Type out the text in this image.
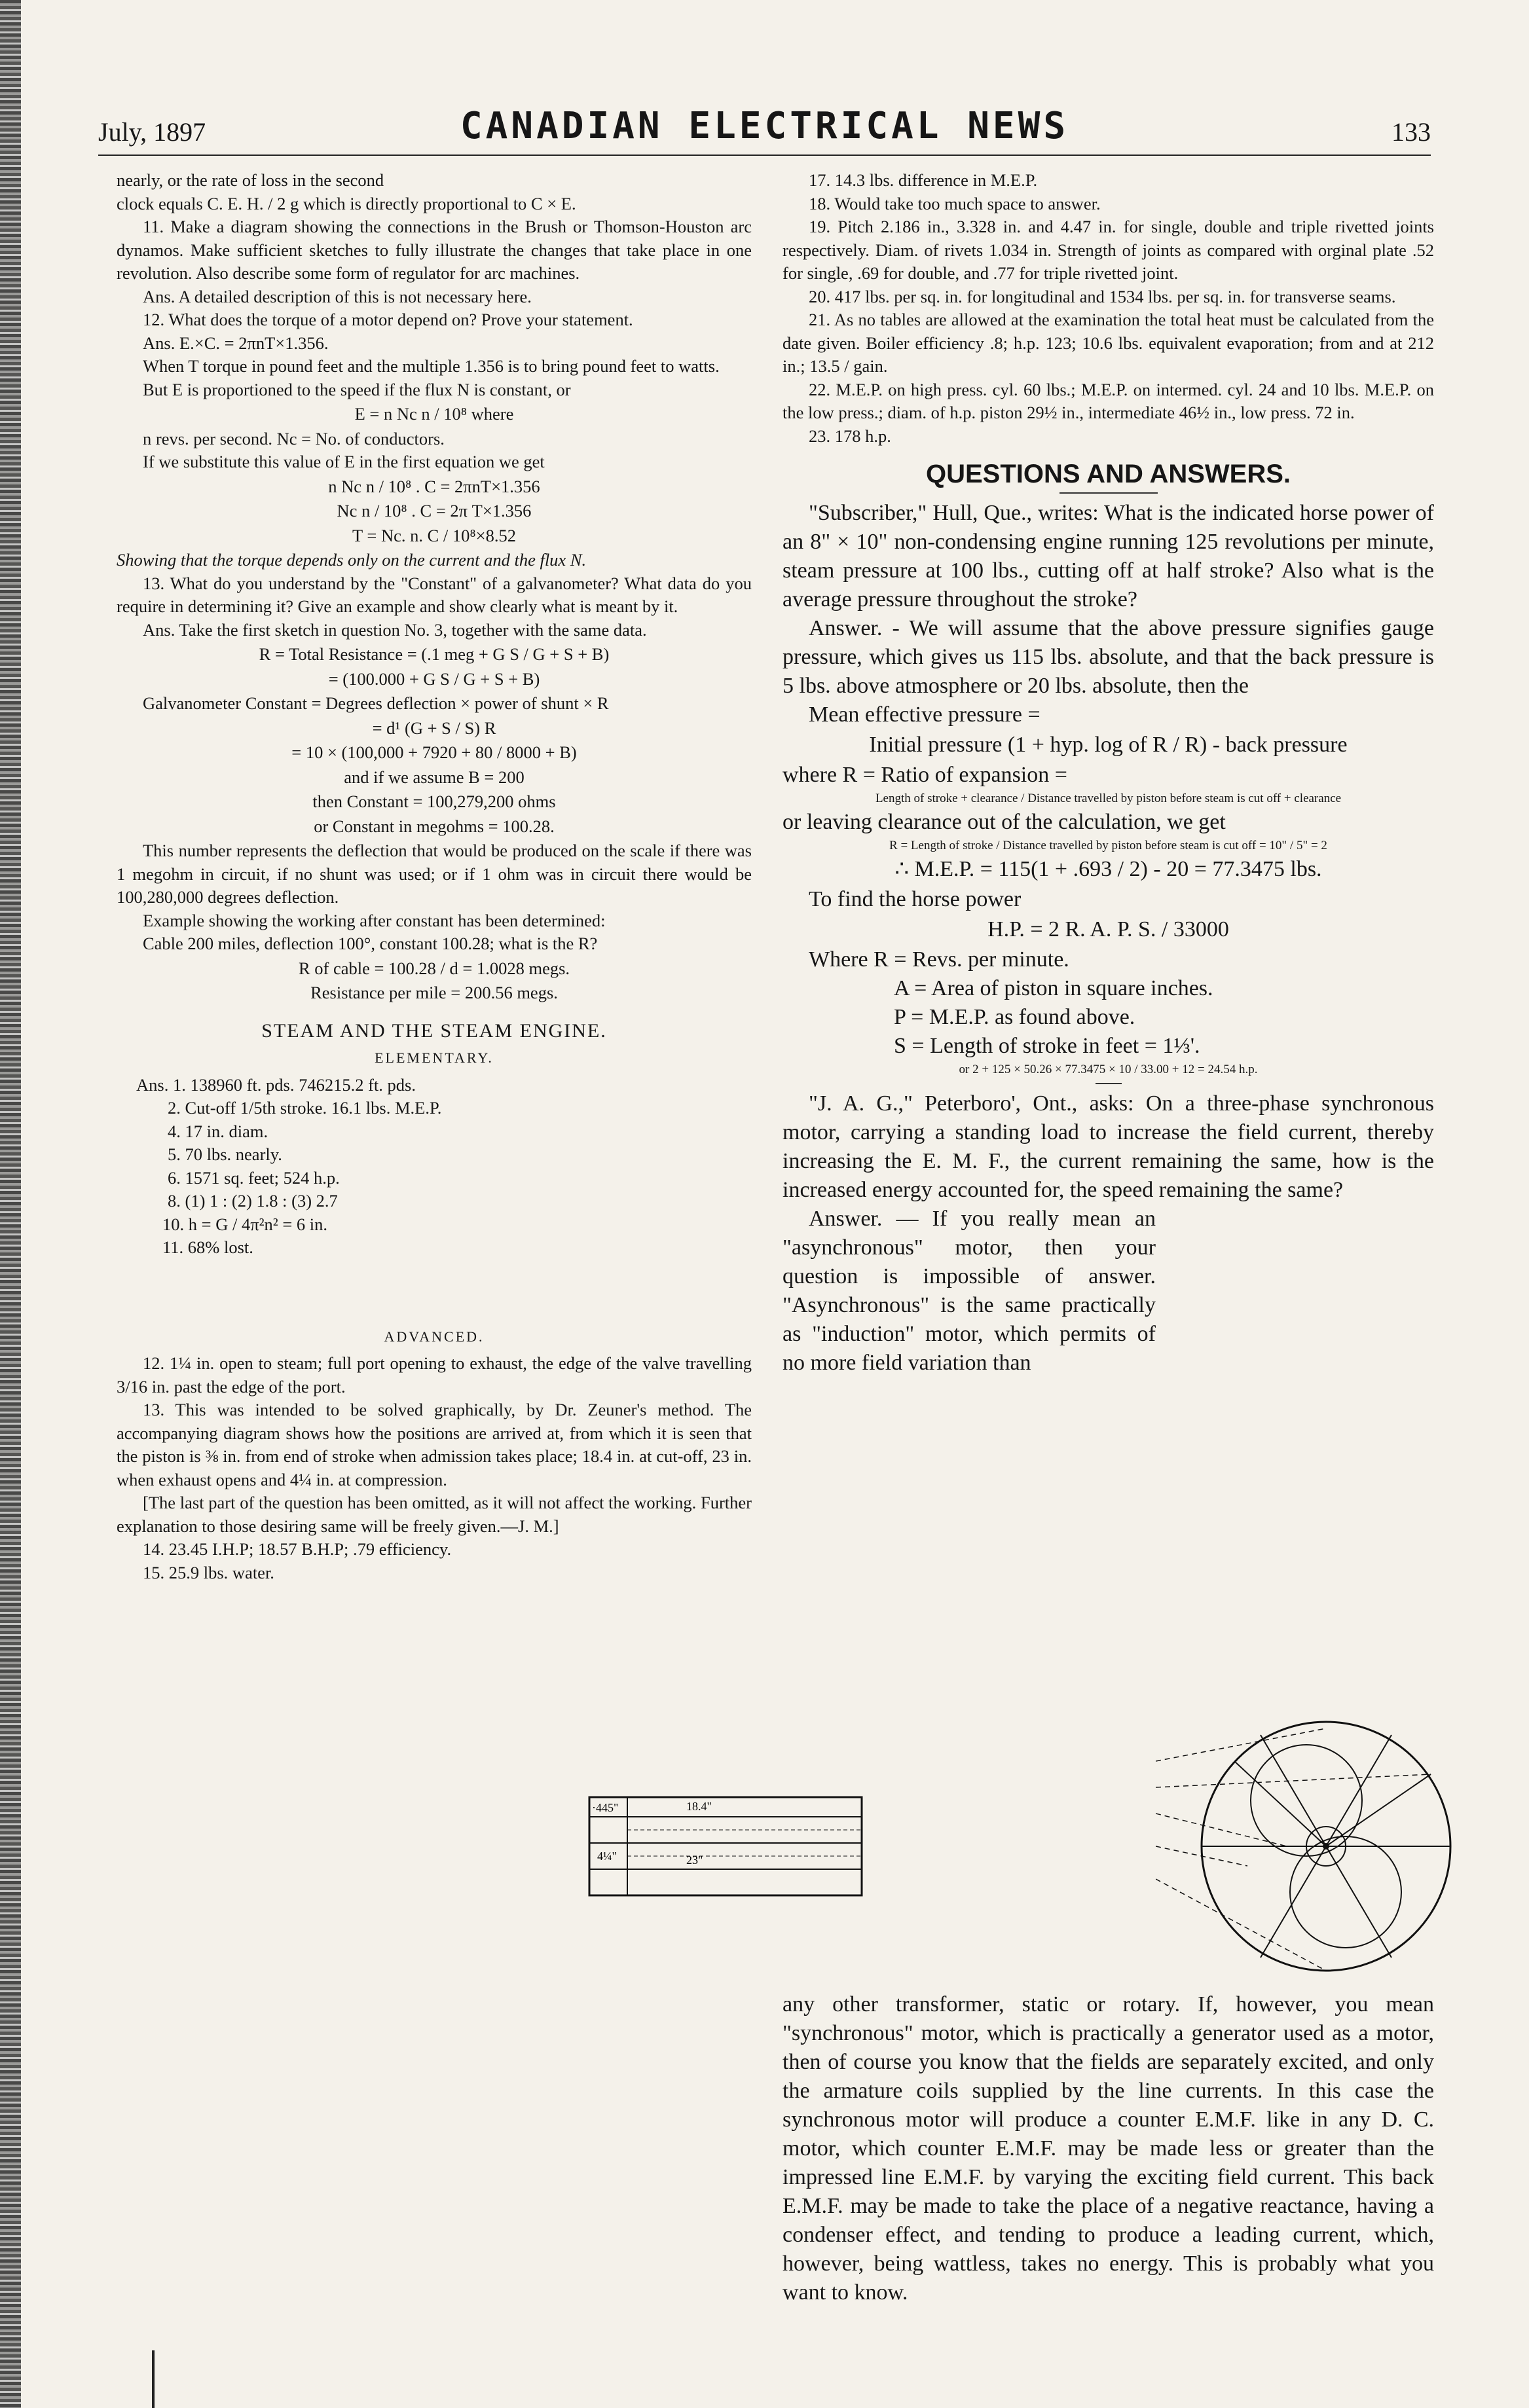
July, 1897	CANADIAN ELECTRICAL NEWS	133

nearly, or the rate of loss in the second

clock equals C. E. H. / 2 g which is directly proportional to C × E.

11. Make a diagram showing the connections in the Brush or Thomson-Houston arc dynamos. Make sufficient sketches to fully illustrate the changes that take place in one revolution. Also describe some form of regulator for arc machines.

Ans. A detailed description of this is not necessary here.

12. What does the torque of a motor depend on? Prove your statement.

Ans. E.×C. = 2πnT×1.356.

When T torque in pound feet and the multiple 1.356 is to bring pound feet to watts.

But E is proportioned to the speed if the flux N is constant, or

E = n Nc n / 10⁸ where

n revs. per second. Nc = No. of conductors.

If we substitute this value of E in the first equation we get

n Nc n / 10⁸ . C = 2πnT×1.356

Nc n / 10⁸ . C = 2π T×1.356

T = Nc. n. C / 10⁸×8.52

Showing that the torque depends only on the current and the flux N.

13. What do you understand by the "Constant" of a galvanometer? What data do you require in determining it? Give an example and show clearly what is meant by it.

Ans. Take the first sketch in question No. 3, together with the same data.

R = Total Resistance = (.1 meg + G S / G + S + B)

= (100.000 + G S / G + S + B)

Galvanometer Constant = Degrees deflection × power of shunt × R

= d¹ (G + S / S) R

= 10 × (100,000 + 7920 + 80 / 8000 + B)

and if we assume B = 200

then Constant = 100,279,200 ohms

or Constant in megohms = 100.28.

This number represents the deflection that would be produced on the scale if there was 1 megohm in circuit, if no shunt was used; or if 1 ohm was in circuit there would be 100,280,000 degrees deflection.

Example showing the working after constant has been determined:

Cable 200 miles, deflection 100°, constant 100.28; what is the R?

R of cable = 100.28 / d = 1.0028 megs.

Resistance per mile = 200.56 megs.

STEAM AND THE STEAM ENGINE.
ELEMENTARY.

Ans. 1. 138960 ft. pds. 746215.2 ft. pds.

2. Cut-off 1/5th stroke. 16.1 lbs. M.E.P.

4. 17 in. diam.

5. 70 lbs. nearly.

6. 1571 sq. feet; 524 h.p.

8. (1) 1 : (2) 1.8 : (3) 2.7

10. h = G / 4π²n² = 6 in.

11. 68% lost.

ADVANCED.

12. 1¼ in. open to steam; full port opening to exhaust, the edge of the valve travelling 3/16 in. past the edge of the port.

13. This was intended to be solved graphically, by Dr. Zeuner's method. The accompanying diagram shows how the positions are arrived at, from which it is seen that the piston is ⅜ in. from end of stroke when admission takes place; 18.4 in. at cut-off, 23 in. when exhaust opens and 4¼ in. at compression.

[The last part of the question has been omitted, as it will not affect the working. Further explanation to those desiring same will be freely given.—J. M.]

14. 23.45 I.H.P; 18.57 B.H.P; .79 efficiency.

15. 25.9 lbs. water.

17. 14.3 lbs. difference in M.E.P.

18. Would take too much space to answer.

19. Pitch 2.186 in., 3.328 in. and 4.47 in. for single, double and triple rivetted joints respectively. Diam. of rivets 1.034 in. Strength of joints as compared with orginal plate .52 for single, .69 for double, and .77 for triple rivetted joint.

20. 417 lbs. per sq. in. for longitudinal and 1534 lbs. per sq. in. for transverse seams.

21. As no tables are allowed at the examination the total heat must be calculated from the date given. Boiler efficiency .8; h.p. 123; 10.6 lbs. equivalent evaporation; from and at 212 in.; 13.5 / gain.

22. M.E.P. on high press. cyl. 60 lbs.; M.E.P. on intermed. cyl. 24 and 10 lbs. M.E.P. on the low press.; diam. of h.p. piston 29½ in., intermediate 46½ in., low press. 72 in.

23. 178 h.p.

QUESTIONS AND ANSWERS.

"Subscriber," Hull, Que., writes: What is the indicated horse power of an 8" × 10" non-condensing engine running 125 revolutions per minute, steam pressure at 100 lbs., cutting off at half stroke? Also what is the average pressure throughout the stroke?

Answer. - We will assume that the above pressure signifies gauge pressure, which gives us 115 lbs. absolute, and that the back pressure is 5 lbs. above atmosphere or 20 lbs. absolute, then the

Mean effective pressure =

Initial pressure (1 + hyp. log of R / R) - back pressure

where R = Ratio of expansion =

Length of stroke + clearance / Distance travelled by piston before steam is cut off + clearance

or leaving clearance out of the calculation, we get

R = Length of stroke / Distance travelled by piston before steam is cut off = 10" / 5" = 2

∴ M.E.P. = 115(1 + .693 / 2) - 20 = 77.3475 lbs.

To find the horse power

H.P. = 2 R. A. P. S. / 33000

Where R = Revs. per minute.

A = Area of piston in square inches.

P = M.E.P. as found above.

S = Length of stroke in feet = 1⅓'.

or 2 + 125 × 50.26 × 77.3475 × 10 / 33.00 + 12 = 24.54 h.p.

"J. A. G.," Peterboro', Ont., asks: On a three-phase synchronous motor, carrying a standing load to increase the field current, thereby increasing the E. M. F., the current remaining the same, how is the increased energy accounted for, the speed remaining the same?

Answer. — If you really mean an "asynchronous" motor, then your question is impossible of answer. "Asynchronous" is the same practically as "induction" motor, which permits of no more field variation than

any other transformer, static or rotary. If, however, you mean "synchronous" motor, which is practically a generator used as a motor, then of course you know that the fields are separately excited, and only the armature coils supplied by the line currents. In this case the synchronous motor will produce a counter E.M.F. like in any D. C. motor, which counter E.M.F. may be made less or greater than the impressed line E.M.F. by varying the exciting field current. This back E.M.F. may be made to take the place of a negative reactance, having a condenser effect, and tending to produce a leading current, which, however, being wattless, takes no energy. This is probably what you want to know.

·445"	18.4"
23"
4¼"
